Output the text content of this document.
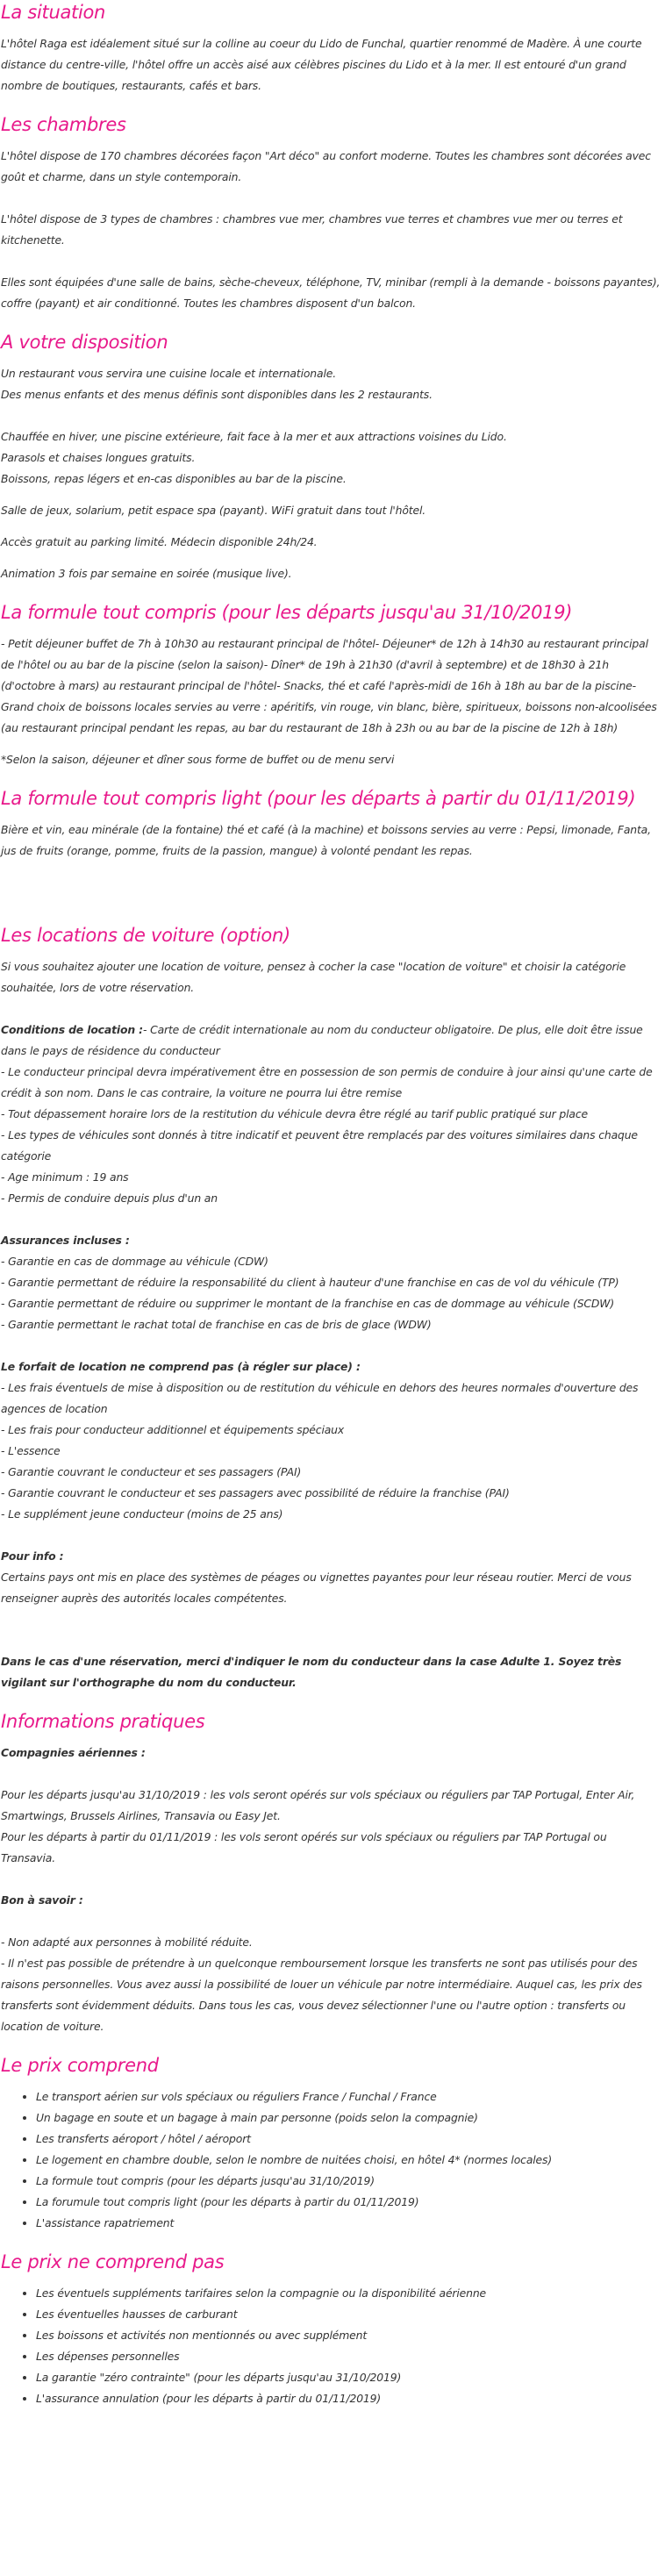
La situation

L'hôtel Raga est idéalement situé sur la colline au coeur du Lido de Funchal, quartier renommé de Madère. À une courte distance du centre-ville, l'hôtel offre un accès aisé aux célèbres piscines du Lido et à la mer. Il est entouré d'un grand nombre de boutiques, restaurants, cafés et bars.

Les chambres

L'hôtel dispose de 170 chambres décorées façon "Art déco" au confort moderne. Toutes les chambres sont décorées avec goût et charme, dans un style contemporain.

L'hôtel dispose de 3 types de chambres : chambres vue mer, chambres vue terres et chambres vue mer ou terres et kitchenette.

Elles sont équipées d'une salle de bains, sèche-cheveux, téléphone, TV, minibar (rempli à la demande - boissons payantes), coffre (payant) et air conditionné. Toutes les chambres disposent d'un balcon.

A votre disposition

Un restaurant vous servira une cuisine locale et internationale.

Des menus enfants et des menus définis sont disponibles dans les 2 restaurants.

Chauffée en hiver, une piscine extérieure, fait face à la mer et aux attractions voisines du Lido.

Parasols et chaises longues gratuits.

Boissons, repas légers et en-cas disponibles au bar de la piscine.

Salle de jeux, solarium, petit espace spa (payant). WiFi gratuit dans tout l'hôtel.

Accès gratuit au parking limité. Médecin disponible 24h/24.

Animation 3 fois par semaine en soirée (musique live).

La formule tout compris (pour les départs jusqu'au 31/10/2019)

- Petit déjeuner buffet de 7h à 10h30 au restaurant principal de l'hôtel- Déjeuner* de 12h à 14h30 au restaurant principal de l'hôtel ou au bar de la piscine (selon la saison)- Dîner* de 19h à 21h30 (d'avril à septembre) et de 18h30 à 21h (d'octobre à mars) au restaurant principal de l'hôtel- Snacks, thé et café l'après-midi de 16h à 18h au bar de la piscine- Grand choix de boissons locales servies au verre : apéritifs, vin rouge, vin blanc, bière, spiritueux, boissons non-alcoolisées (au restaurant principal pendant les repas, au bar du restaurant de 18h à 23h ou au bar de la piscine de 12h à 18h)

*Selon la saison, déjeuner et dîner sous forme de buffet ou de menu servi

La formule tout compris light (pour les départs à partir du 01/11/2019)

Bière et vin, eau minérale (de la fontaine) thé et café (à la machine) et boissons servies au verre : Pepsi, limonade, Fanta, jus de fruits (orange, pomme, fruits de la passion, mangue) à volonté pendant les repas.

Les locations de voiture (option)

Si vous souhaitez ajouter une location de voiture, pensez à cocher la case "location de voiture" et choisir la catégorie souhaitée, lors de votre réservation.

Conditions de location :- Carte de crédit internationale au nom du conducteur obligatoire. De plus, elle doit être issue dans le pays de résidence du conducteur

- Le conducteur principal devra impérativement être en possession de son permis de conduire à jour ainsi qu'une carte de crédit à son nom. Dans le cas contraire, la voiture ne pourra lui être remise

- Tout dépassement horaire lors de la restitution du véhicule devra être réglé au tarif public pratiqué sur place

- Les types de véhicules sont donnés à titre indicatif et peuvent être remplacés par des voitures similaires dans chaque catégorie

- Age minimum : 19 ans

- Permis de conduire depuis plus d'un an

Assurances incluses :

- Garantie en cas de dommage au véhicule (CDW)

- Garantie permettant de réduire la responsabilité du client à hauteur d'une franchise en cas de vol du véhicule (TP)

- Garantie permettant de réduire ou supprimer le montant de la franchise en cas de dommage au véhicule (SCDW)

- Garantie permettant le rachat total de franchise en cas de bris de glace (WDW)

Le forfait de location ne comprend pas (à régler sur place) :

- Les frais éventuels de mise à disposition ou de restitution du véhicule en dehors des heures normales d'ouverture des agences de location

- Les frais pour conducteur additionnel et équipements spéciaux

- L'essence

- Garantie couvrant le conducteur et ses passagers (PAI)

- Garantie couvrant le conducteur et ses passagers avec possibilité de réduire la franchise (PAI)

- Le supplément jeune conducteur (moins de 25 ans)

Pour info :

Certains pays ont mis en place des systèmes de péages ou vignettes payantes pour leur réseau routier. Merci de vous renseigner auprès des autorités locales compétentes.

Dans le cas d'une réservation, merci d'indiquer le nom du conducteur dans la case Adulte 1. Soyez très vigilant sur l'orthographe du nom du conducteur.

Informations pratiques

Compagnies aériennes :

Pour les départs jusqu'au 31/10/2019 : les vols seront opérés sur vols spéciaux ou réguliers par TAP Portugal, Enter Air, Smartwings, Brussels Airlines, Transavia ou Easy Jet.

Pour les départs à partir du 01/11/2019 : les vols seront opérés sur vols spéciaux ou réguliers par TAP Portugal ou Transavia.

Bon à savoir :

- Non adapté aux personnes à mobilité réduite.

- Il n'est pas possible de prétendre à un quelconque remboursement lorsque les transferts ne sont pas utilisés pour des raisons personnelles. Vous avez aussi la possibilité de louer un véhicule par notre intermédiaire. Auquel cas, les prix des transferts sont évidemment déduits. Dans tous les cas, vous devez sélectionner l'une ou l'autre option : transferts ou location de voiture.

Le prix comprend
• Le transport aérien sur vols spéciaux ou réguliers France / Funchal / France
• Un bagage en soute et un bagage à main par personne (poids selon la compagnie)
• Les transferts aéroport / hôtel / aéroport
• Le logement en chambre double, selon le nombre de nuitées choisi, en hôtel 4* (normes locales)
• La formule tout compris (pour les départs jusqu'au 31/10/2019)
• La forumule tout compris light (pour les départs à partir du 01/11/2019)
• L'assistance rapatriement
Le prix ne comprend pas
• Les éventuels suppléments tarifaires selon la compagnie ou la disponibilité aérienne
• Les éventuelles hausses de carburant
• Les boissons et activités non mentionnés ou avec supplément
• Les dépenses personnelles
• La garantie "zéro contrainte" (pour les départs jusqu'au 31/10/2019)
• L'assurance annulation (pour les départs à partir du 01/11/2019)
